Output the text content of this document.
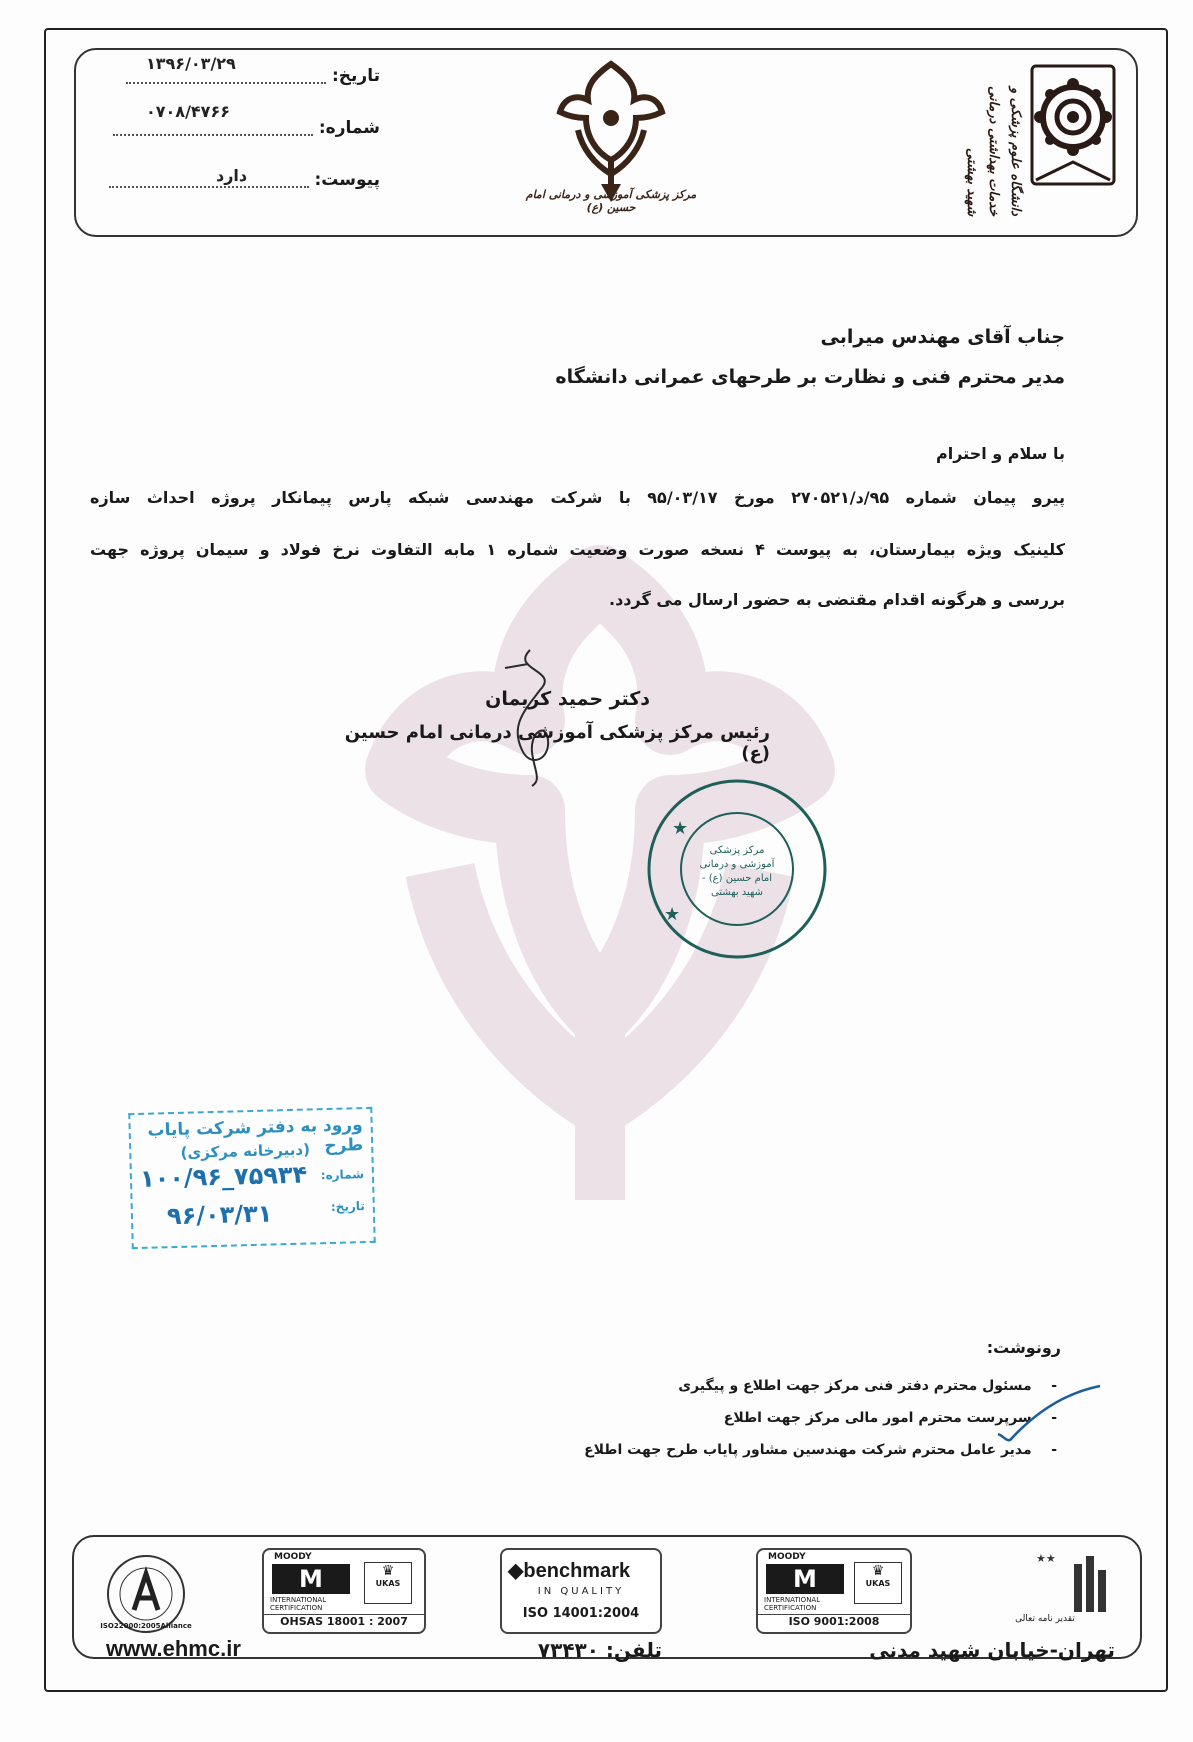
تاریخ:
۱۳۹۶/۰۳/۲۹
شماره:
۰۷۰۸/۴۷۶۶
پیوست:
دارد
مرکز پزشکی آموزشی و درمانی امام حسین (ع)	دانشگاه علوم پزشکی و خدمات بهداشتی درمانی شهید بهشتی
جناب آقای مهندس میرابی
مدیر محترم فنی و نظارت بر طرحهای عمرانی دانشگاه
با سلام و احترام
پیرو پیمان شماره ۹۵/د/۲۷۰۵۲۱ مورخ ۹۵/۰۳/۱۷ با شرکت مهندسی شبکه پارس پیمانکار پروژه احداث سازه
کلینیک ویژه بیمارستان، به پیوست ۴ نسخه صورت وضعیت شماره ۱ مابه التفاوت نرخ فولاد و سیمان پروژه جهت
بررسی و هرگونه اقدام مقتضی به حضور ارسال می گردد.
دکتر حمید کریمان
رئیس مرکز پزشکی آموزشی درمانی امام حسین (ع)
★
★
مرکز پزشکی آموزشی و درمانی امام حسین (ع) - شهید بهشتی
ورود به دفتر شرکت پایاب طرح
(دبیرخانه مرکزی)
شماره:
۱۰۰/۹۶_۷۵۹۳۴
تاریخ:
۹۶/۰۳/۳۱
رونوشت:
-    مسئول محترم دفتر فنی مرکز جهت اطلاع و پیگیری
-    سرپرست محترم امور مالی مرکز جهت اطلاع
-    مدیر عامل محترم شرکت مهندسین مشاور پایاب طرح جهت اطلاع
★★
تقدیر نامه تعالی
MOODY
M
INTERNATIONAL
CERTIFICATION
♛
UKAS
ISO 9001:2008
◆benchmark
IN QUALITY
ISO 14001:2004
MOODY
M
INTERNATIONAL
CERTIFICATION
♛
UKAS
OHSAS 18001 : 2007
ISO22000:2005Alliance
تهران-خیابان شهید مدنی
تلفن: ۷۳۴۳۰
www.ehmc.ir
